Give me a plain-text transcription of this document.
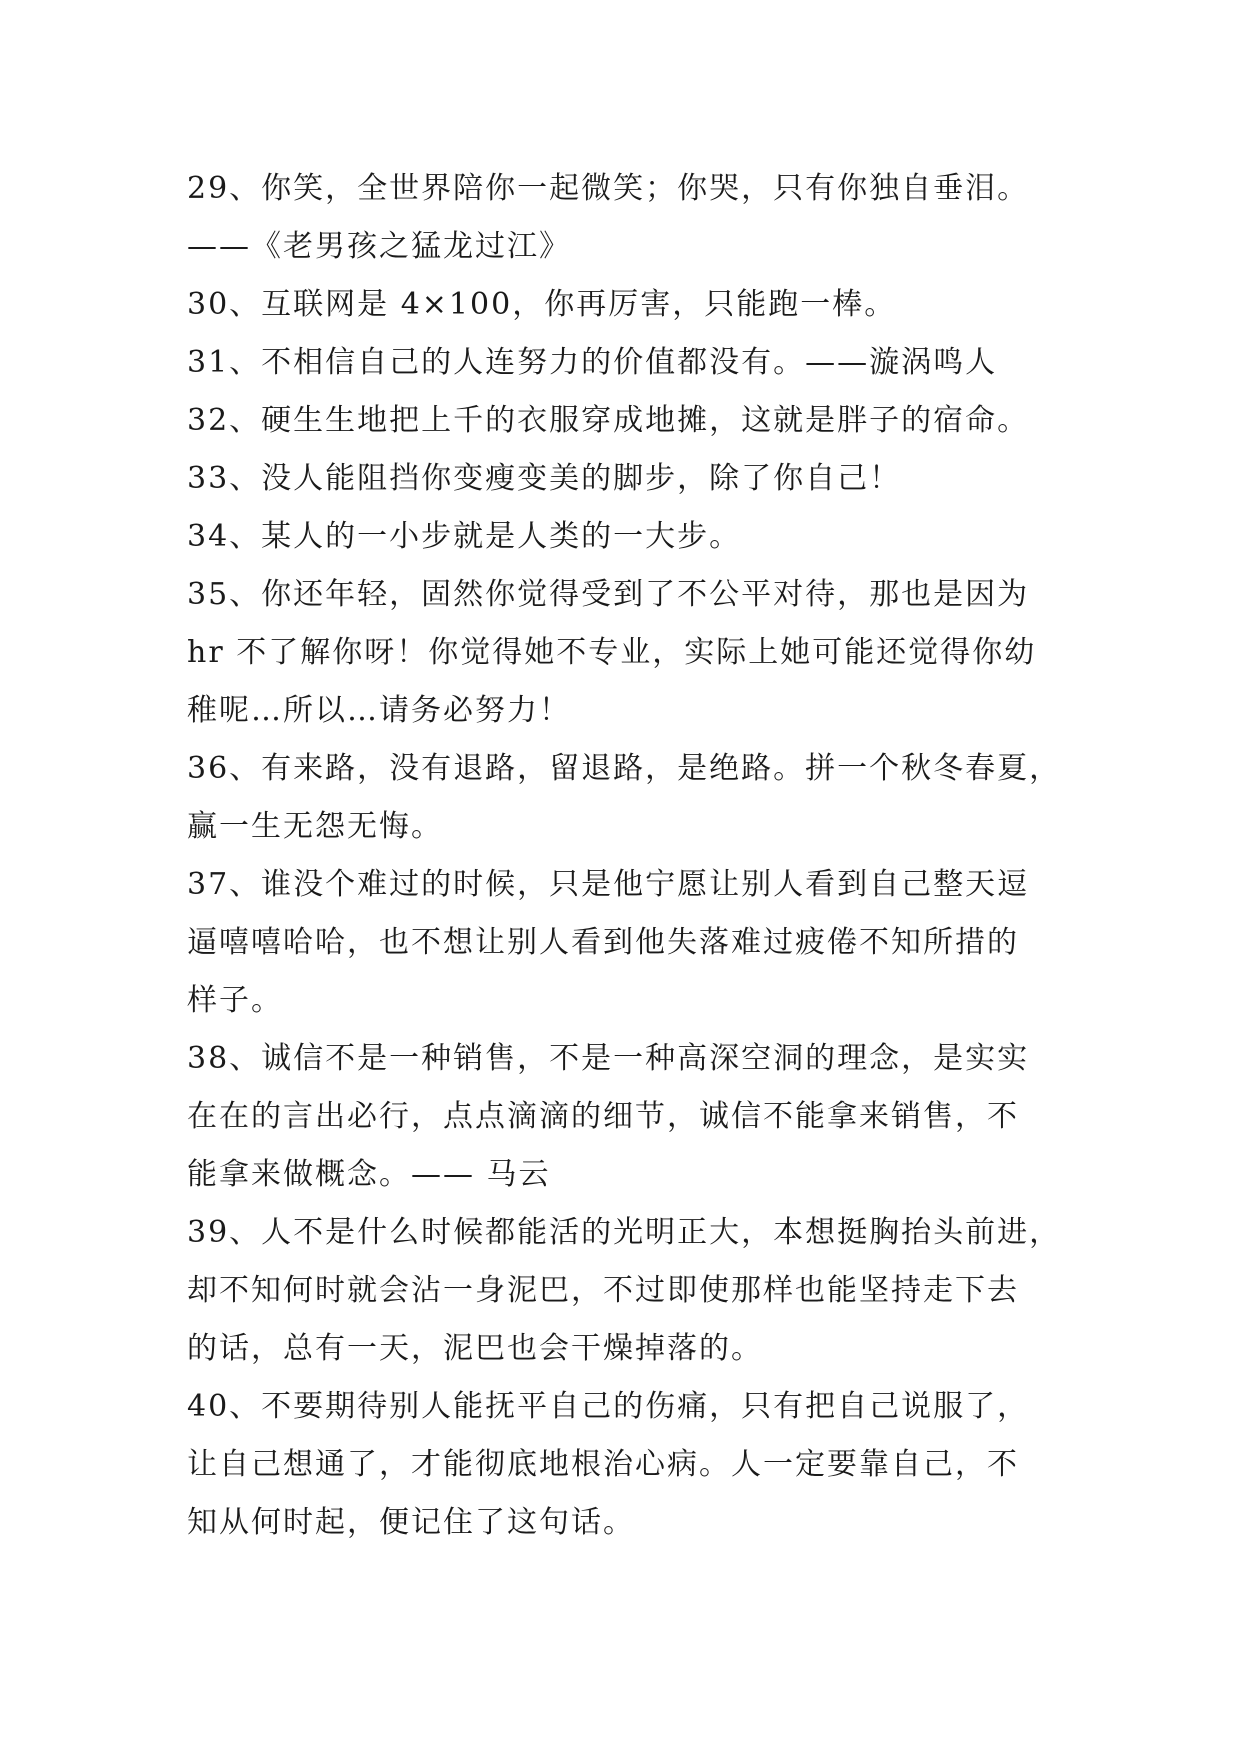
29、你笑，全世界陪你一起微笑；你哭，只有你独自垂泪。
——《老男孩之猛龙过江》
30、互联网是 4×100，你再厉害，只能跑一棒。
31、不相信自己的人连努力的价值都没有。——漩涡鸣人
32、硬生生地把上千的衣服穿成地摊，这就是胖子的宿命。
33、没人能阻挡你变瘦变美的脚步，除了你自己！
34、某人的一小步就是人类的一大步。
35、你还年轻，固然你觉得受到了不公平对待，那也是因为
hr 不了解你呀！你觉得她不专业，实际上她可能还觉得你幼
稚呢…所以…请务必努力！
36、有来路，没有退路，留退路，是绝路。拼一个秋冬春夏，
赢一生无怨无悔。
37、谁没个难过的时候，只是他宁愿让别人看到自己整天逗
逼嘻嘻哈哈，也不想让别人看到他失落难过疲倦不知所措的
样子。
38、诚信不是一种销售，不是一种高深空洞的理念，是实实
在在的言出必行，点点滴滴的细节，诚信不能拿来销售，不
能拿来做概念。—— 马云
39、人不是什么时候都能活的光明正大，本想挺胸抬头前进，
却不知何时就会沾一身泥巴，不过即使那样也能坚持走下去
的话，总有一天，泥巴也会干燥掉落的。
40、不要期待别人能抚平自己的伤痛，只有把自己说服了，
让自己想通了，才能彻底地根治心病。人一定要靠自己，不
知从何时起，便记住了这句话。
